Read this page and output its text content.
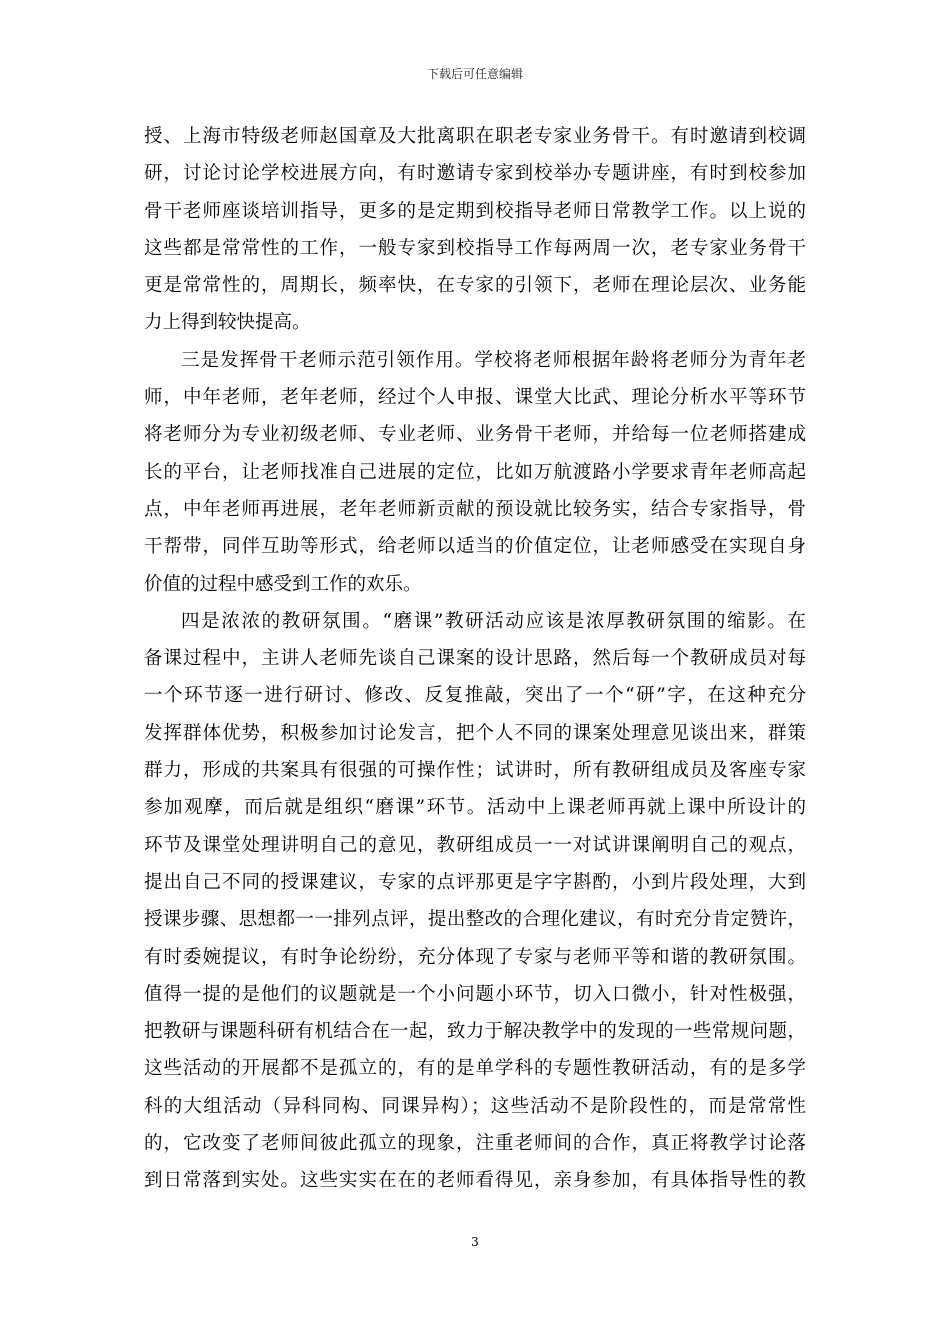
下载后可任意编辑
授、上海市特级老师赵国章及大批离职在职老专家业务骨干。有时邀请到校调
研，讨论讨论学校进展方向，有时邀请专家到校举办专题讲座，有时到校参加
骨干老师座谈培训指导，更多的是定期到校指导老师日常教学工作。以上说的
这些都是常常性的工作，一般专家到校指导工作每两周一次，老专家业务骨干
更是常常性的，周期长，频率快，在专家的引领下，老师在理论层次、业务能
力上得到较快提高。
三是发挥骨干老师示范引领作用。学校将老师根据年龄将老师分为青年老
师，中年老师，老年老师，经过个人申报、课堂大比武、理论分析水平等环节
将老师分为专业初级老师、专业老师、业务骨干老师，并给每一位老师搭建成
长的平台，让老师找准自己进展的定位，比如万航渡路小学要求青年老师高起
点，中年老师再进展，老年老师新贡献的预设就比较务实，结合专家指导，骨
干帮带，同伴互助等形式，给老师以适当的价值定位，让老师感受在实现自身
价值的过程中感受到工作的欢乐。
四是浓浓的教研氛围。“磨课”教研活动应该是浓厚教研氛围的缩影。在
备课过程中，主讲人老师先谈自己课案的设计思路，然后每一个教研成员对每
一个环节逐一进行研讨、修改、反复推敲，突出了一个“研”字，在这种充分
发挥群体优势，积极参加讨论发言，把个人不同的课案处理意见谈出来，群策
群力，形成的共案具有很强的可操作性；试讲时，所有教研组成员及客座专家
参加观摩，而后就是组织“磨课”环节。活动中上课老师再就上课中所设计的
环节及课堂处理讲明自己的意见，教研组成员一一对试讲课阐明自己的观点，
提出自己不同的授课建议，专家的点评那更是字字斟酌，小到片段处理，大到
授课步骤、思想都一一排列点评，提出整改的合理化建议，有时充分肯定赞许，
有时委婉提议，有时争论纷纷，充分体现了专家与老师平等和谐的教研氛围。
值得一提的是他们的议题就是一个小问题小环节，切入口微小，针对性极强，
把教研与课题科研有机结合在一起，致力于解决教学中的发现的一些常规问题，
这些活动的开展都不是孤立的，有的是单学科的专题性教研活动，有的是多学
科的大组活动（异科同构、同课异构）；这些活动不是阶段性的，而是常常性
的，它改变了老师间彼此孤立的现象，注重老师间的合作，真正将教学讨论落
到日常落到实处。这些实实在在的老师看得见，亲身参加，有具体指导性的教
3
